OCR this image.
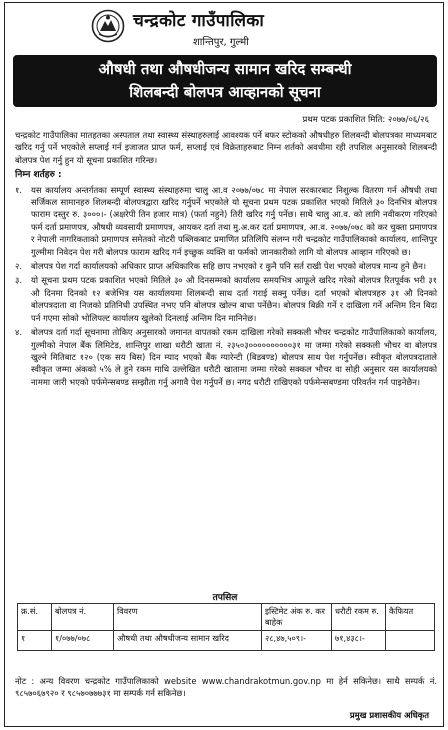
चन्द्रकोट गाउँपालिका
शान्तिपुर, गुल्मी
औषधी तथा औषधीजन्य सामान खरिद सम्बन्धी
शिलबन्दी बोलपत्र आव्हानको सूचना
प्रथम पटक प्रकाशित मिति: २०७७/०६/२६

चन्द्रकोट गाउँपालिका मातहतका अस्पताल तथा स्वास्थ्य संस्थाहरुलाई आवश्यक पर्ने बफर स्टोकको औषधीहरु शिलबन्दी बोलपत्रका माध्यमबाट खरिद गर्नु पर्ने भएकोले सप्लाई गर्न इजाजत प्राप्त फर्म, सप्लाई एवं विक्रेताहरुबाट निम्न शर्तको अवधीमा रही तपशिल अनुसारको शिलबन्दी बोलपत्र पेश गर्नु हुन यो सूचना प्रकाशित गरिन्छ।

निम्न शर्तहरु :
१.	यस कार्यालय अन्तर्गतका सम्पूर्ण स्वास्थ्य संस्थाहरुमा चालु आ.व २०७७/०७८ मा नेपाल सरकारबाट निशुल्क वितरण गर्न औषधी तथा सर्जिकल सामानहरु शिलबन्दी बोलपत्रद्वारा खरिद गर्नुपर्ने भएकोले यो सूचना प्रथम पटक प्रकाशित भएको मितिले ३० दिनभित्र बोलपत्र फाराम दस्तुर रु. ३०००।- (अक्षरेपी तिन हजार मात्र) (फर्ता नहुने) तिरी खरिद गर्नु पर्नेछ। साथै चालु आ.व. को लागि नवीकरण गरिएको फर्म दर्ता प्रमाणपत्र, औषधी व्यवसायी प्रमाणपत्र, आयकर दर्ता तथा मु.अ.कर दर्ता प्रमाणपत्र, आ.व. २०७७/०७८ को कर चुक्ता प्रमाणपत्र र नेपाली नागरिकताको प्रमाणपत्र समेतको नोटरी पब्लिकबाट प्रमाणित प्रतिलिपि संलग्न गरी चन्द्रकोट गाउँपालिकाको कार्यालय, शान्तिपुर गुल्मीमा निवेदन पेश गरी बोलपत्र फाराम खरिद गर्न इच्छुक व्यक्ति वा फर्मको जानकारीको लागि यो बोलपत्र आव्हान गरिएको छ।
२.	बोलपत्र पेश गर्दा कार्यालयको अधिकार प्राप्त अधिकारिक सहि छाप नभएको र कुनै पनि सर्त राखी पेश भएको बोलपत्र मान्य हुने छैन।
३.	यो सूचना प्रथम पटक प्रकाशित भएको मितिले ३० औ दिनसम्मको कार्यालय समयभित्र आफूले खरिद गरेको बोलपत्र रितपूर्वक भरी ३१ औ दिनमा दिनको १२ बजेभित्र यस कार्यालयमा शिलबन्दी साथ दर्ता गराई सक्नु पर्नेछ। दर्ता भएको बोलपत्रहरु ३१ औ दिनको बोलपत्रदाता वा निजको प्रतिनिधी उपस्थित नभए पनि बोलपत्र खोल्न बाधा पर्नेछैन। बोलपत्र बिक्री गर्ने र दाखिला गर्ने अन्तिम दिन बिदा पर्न गएमा सोको भोलिपल्ट कार्यालय खुलेको दिनलाई अन्तिम दिन मानिनेछ।
४.	बोलपत्र दर्ता गर्दा सूचनामा तोकिए अनुसारको जमानत वापतको रकम दाखिला गरेको सक्कली भौचर चन्द्रकोट गाउँपालिकाको कार्यालय, गुल्मीको नेपाल बैंक लिमिटेड, शान्तिपुर शाखा धरौटी खाता नं. २३५०३००००००००००३१ मा जम्मा गरेको सक्कली भौचर वा बोलपत्र खुल्ने मितिबाट १२० (एक सय बिस) दिन म्याद भएको बैंक ग्यारेन्टी (बिडबण्ड) बोलपत्र साथ पेश गर्नुपर्नेछ। स्वीकृत बोलपत्रदाताले स्वीकृत जम्मा अंकको ५% ले हुने रकम माथि उल्लेखित धरौटी खातामा जम्मा गरेको सक्कल भौचर वा सोही अनुसार यस कार्यालयको नाममा जारी भएको पर्फमेन्सबण्ड सम्झौता गर्नु अगावै पेश गर्नुपर्ने छ। नगद धरौटी राखिएको पर्फमेन्सबण्डमा परिवर्तन गर्न पाइनेछैन।
तपसिल
क्र.सं.	बोलपत्र नं.	विवरण	इस्टिमेट अंक रु. कर बाहेक	धरौटी रकम रु.	कैफियत
१	१/०७७/०७८	औषधी तथा औषधीजन्य सामान खरिद	२८,४७,५०९।-	७१,४३८।-	
नोट : अन्य विवरण चन्द्रकोट गाउँपालिकाको website www.chandrakotmun.gov.np मा हेर्न सकिनेछ। साथै सम्पर्क नं. ९८५७०६७९२० र ९८५७०७७७३१ मा सम्पर्क गर्न सकिनेछ।
प्रमुख प्रशासकीय अधिकृत
